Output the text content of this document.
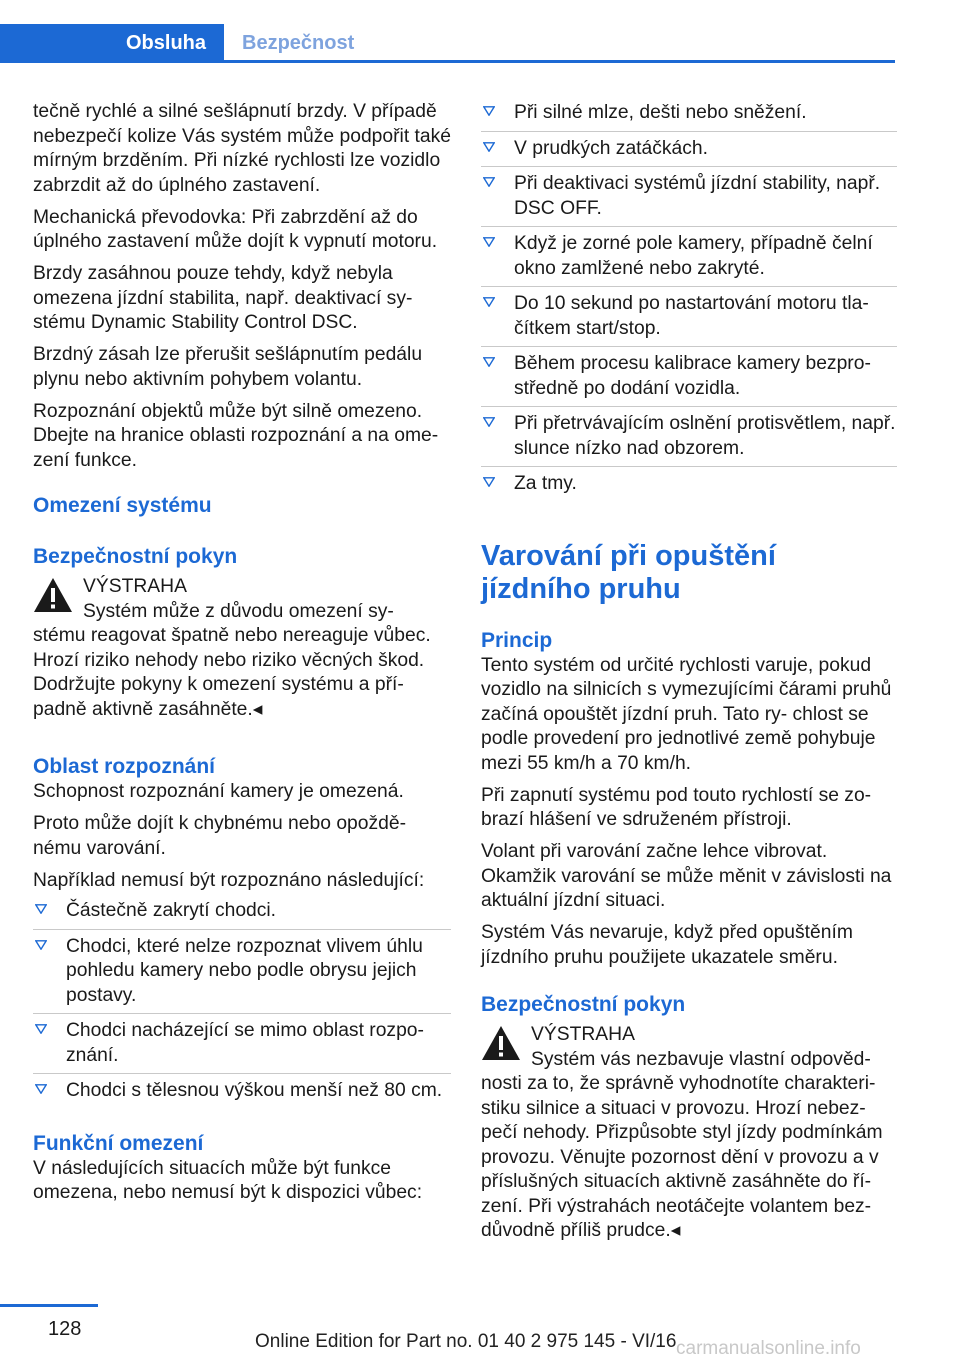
Obsluha	Bezpečnost

tečně rychlé a silné sešlápnutí brzdy. V případě nebezpečí kolize Vás systém může podpořit také mírným brzděním. Při nízké rychlosti lze vozidlo zabrzdit až do úplného zastavení.

Mechanická převodovka: Při zabrzdění až do úplného zastavení může dojít k vypnutí motoru.

Brzdy zasáhnou pouze tehdy, když nebyla omezena jízdní stabilita, např. deaktivací sy- stému Dynamic Stability Control DSC.

Brzdný zásah lze přerušit sešlápnutím pedálu plynu nebo aktivním pohybem volantu.

Rozpoznání objektů může být silně omezeno. Dbejte na hranice oblasti rozpoznání a na ome- zení funkce.

Omezení systému
Bezpečnostní pokyn
VÝSTRAHA
Systém může z důvodu omezení sy-
stému reagovat špatně nebo nereaguje vůbec. Hrozí riziko nehody nebo riziko věcných škod. Dodržujte pokyny k omezení systému a pří- padně aktivně zasáhněte.◂
Oblast rozpoznání

Schopnost rozpoznání kamery je omezená.

Proto může dojít k chybnému nebo opoždě- nému varování.

Například nemusí být rozpoznáno následující:

Částečně zakrytí chodci.
Chodci, které nelze rozpoznat vlivem úhlu pohledu kamery nebo podle obrysu jejich postavy.
Chodci nacházející se mimo oblast rozpo- znání.
Chodci s tělesnou výškou menší než 80 cm.
Funkční omezení

V následujících situacích může být funkce omezena, nebo nemusí být k dispozici vůbec:

Při silné mlze, dešti nebo sněžení.
V prudkých zatáčkách.
Při deaktivaci systémů jízdní stability, např. DSC OFF.
Když je zorné pole kamery, případně čelní okno zamlžené nebo zakryté.
Do 10 sekund po nastartování motoru tla- čítkem start/stop.
Během procesu kalibrace kamery bezpro- středně po dodání vozidla.
Při přetrvávajícím oslnění protisvětlem, např. slunce nízko nad obzorem.
Za tmy.
Varování při opuštění jízdního pruhu
Princip

Tento systém od určité rychlosti varuje, pokud vozidlo na silnicích s vymezujícími čárami pruhů začíná opouštět jízdní pruh. Tato ry- chlost se podle provedení pro jednotlivé země pohybuje mezi 55 km/h a 70 km/h.

Při zapnutí systému pod touto rychlostí se zo- brazí hlášení ve sdruženém přístroji.

Volant při varování začne lehce vibrovat. Okamžik varování se může měnit v závislosti na aktuální jízdní situaci.

Systém Vás nevaruje, když před opuštěním jízdního pruhu použijete ukazatele směru.

Bezpečnostní pokyn
VÝSTRAHA
Systém vás nezbavuje vlastní odpověd-
nosti za to, že správně vyhodnotíte charakteri- stiku silnice a situaci v provozu. Hrozí nebez- pečí nehody. Přizpůsobte styl jízdy podmínkám provozu. Věnujte pozornost dění v provozu a v příslušných situacích aktivně zasáhněte do ří- zení. Při výstrahách neotáčejte volantem bez- důvodně příliš prudce.◂
128
Online Edition for Part no. 01 40 2 975 145 - VI/16 carmanualsonline.info
